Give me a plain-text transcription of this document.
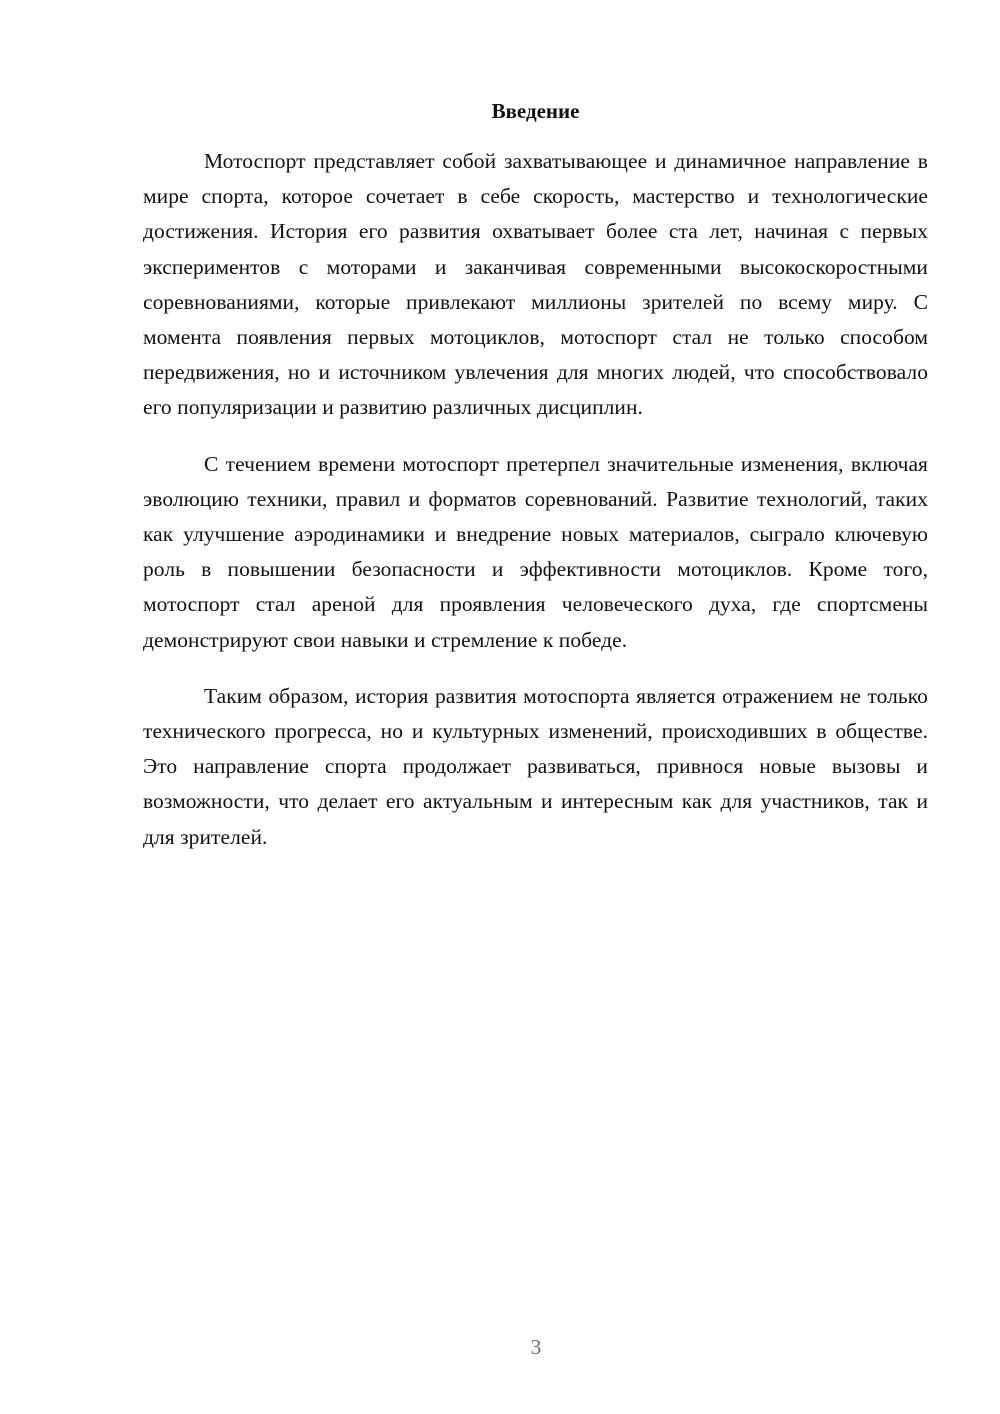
Введение

Мотоспорт представляет собой захватывающее и динамичное направление в мире спорта, которое сочетает в себе скорость, мастерство и технологические достижения. История его развития охватывает более ста лет, начиная с первых экспериментов с моторами и заканчивая современными высокоскоростными соревнованиями, которые привлекают миллионы зрителей по всему миру. С момента появления первых мотоциклов, мотоспорт стал не только способом передвижения, но и источником увлечения для многих людей, что способствовало его популяризации и развитию различных дисциплин.

С течением времени мотоспорт претерпел значительные изменения, включая эволюцию техники, правил и форматов соревнований. Развитие технологий, таких как улучшение аэродинамики и внедрение новых материалов, сыграло ключевую роль в повышении безопасности и эффективности мотоциклов. Кроме того, мотоспорт стал ареной для проявления человеческого духа, где спортсмены демонстрируют свои навыки и стремление к победе.

Таким образом, история развития мотоспорта является отражением не только технического прогресса, но и культурных изменений, происходивших в обществе. Это направление спорта продолжает развиваться, привнося новые вызовы и возможности, что делает его актуальным и интересным как для участников, так и для зрителей.

3
